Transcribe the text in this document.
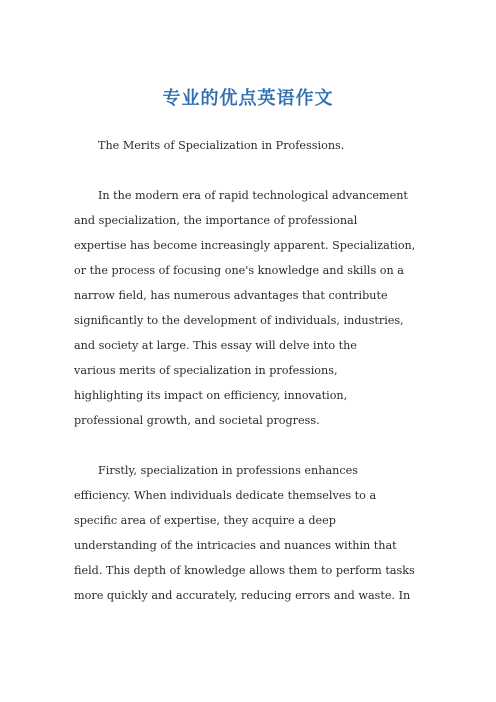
专业的优点英语作文

The Merits of Specialization in Professions.

In the modern era of rapid technological advancement

and specialization, the importance of professional

expertise has become increasingly apparent. Specialization,

or the process of focusing one's knowledge and skills on a

narrow field, has numerous advantages that contribute

significantly to the development of individuals, industries,

and society at large. This essay will delve into the

various merits of specialization in professions,

highlighting its impact on efficiency, innovation,

professional growth, and societal progress.

Firstly, specialization in professions enhances

efficiency. When individuals dedicate themselves to a

specific area of expertise, they acquire a deep

understanding of the intricacies and nuances within that

field. This depth of knowledge allows them to perform tasks

more quickly and accurately, reducing errors and waste. In
